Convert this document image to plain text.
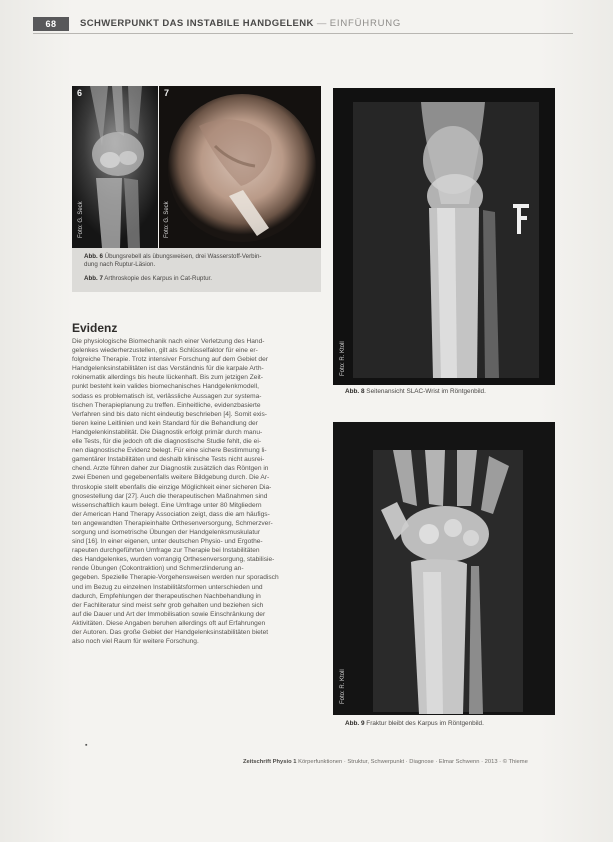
68	SCHWERPUNKT DAS INSTABILE HANDGELENK — EINFÜHRUNG
6
Foto: G. Seck
7
Foto: G. Seck
Abb. 6 Übungsrebell als übungsweisen, drei Wasserstoff-Verbin-
dung nach Ruptur-Läsion.
Abb. 7 Arthroskopie des Karpus in Cat-Ruptur.
Foto: R. Ktoll
Abb. 8 Seitenansicht SLAC-Wrist im Röntgenbild.
Foto: R. Ktoll
Abb. 9 Fraktur bleibt des Karpus im Röntgenbild.
Evidenz
Die physiologische Biomechanik nach einer Verletzung des Hand-
gelenkes wiederherzustellen, gilt als Schlüsselfaktor für eine er-
folgreiche Therapie. Trotz intensiver Forschung auf dem Gebiet der
Handgelenksinstabilitäten ist das Verständnis für die karpale Arth-
rokinematik allerdings bis heute lückenhaft. Bis zum jetzigen Zeit-
punkt besteht kein valides biomechanisches Handgelenkmodell,
sodass es problematisch ist, verlässliche Aussagen zur systema-
tischen Therapieplanung zu treffen. Einheitliche, evidenzbasierte
Verfahren sind bis dato nicht eindeutig beschrieben [4]. Somit exis-
tieren keine Leitlinien und kein Standard für die Behandlung der
Handgelenkinstabilität. Die Diagnostik erfolgt primär durch manu-
elle Tests, für die jedoch oft die diagnostische Studie fehlt, die ei-
nen diagnostische Evidenz belegt. Für eine sichere Bestimmung li-
gamentärer Instabilitäten und deshalb klinische Tests nicht ausrei-
chend. Arzte führen daher zur Diagnostik zusätzlich das Röntgen in
zwei Ebenen und gegebenenfalls weitere Bildgebung durch. Die Ar-
throskopie stellt ebenfalls die einzige Möglichkeit einer sicheren Dia-
gnosestellung dar [27]. Auch die therapeutischen Maßnahmen sind
wissenschaftlich kaum belegt. Eine Umfrage unter 80 Mitgliedern
der American Hand Therapy Association zeigt, dass die am häufigs-
ten angewandten Therapieinhalte Orthesenversorgung, Schmerzver-
sorgung und isometrische Übungen der Handgelenksmuskulatur
sind [16]. In einer eigenen, unter deutschen Physio- und Ergothe-
rapeuten durchgeführten Umfrage zur Therapie bei Instabilitäten
des Handgelenkes, wurden vorrangig Orthesenversorgung, stabilisie-
rende Übungen (Cokontraktion) und Schmerzlinderung an-
gegeben. Spezielle Therapie-Vorgehensweisen werden nur sporadisch
und im Bezug zu einzelnen Instabilitätsformen unterschieden und
dadurch, Empfehlungen der therapeutischen Nachbehandlung in
der Fachliteratur sind meist sehr grob gehalten und beziehen sich
auf die Dauer und Art der Immobilisation sowie Einschränkung der
Aktivitäten. Diese Angaben beruhen allerdings oft auf Erfahrungen
der Autoren. Das große Gebiet der Handgelenksinstabilitäten bietet
also noch viel Raum für weitere Forschung.
▪
Zeitschrift Physio 1 Körperfunktionen · Struktur, Schwerpunkt · Diagnose · Elmar Schwenn · 2013 · © Thieme
